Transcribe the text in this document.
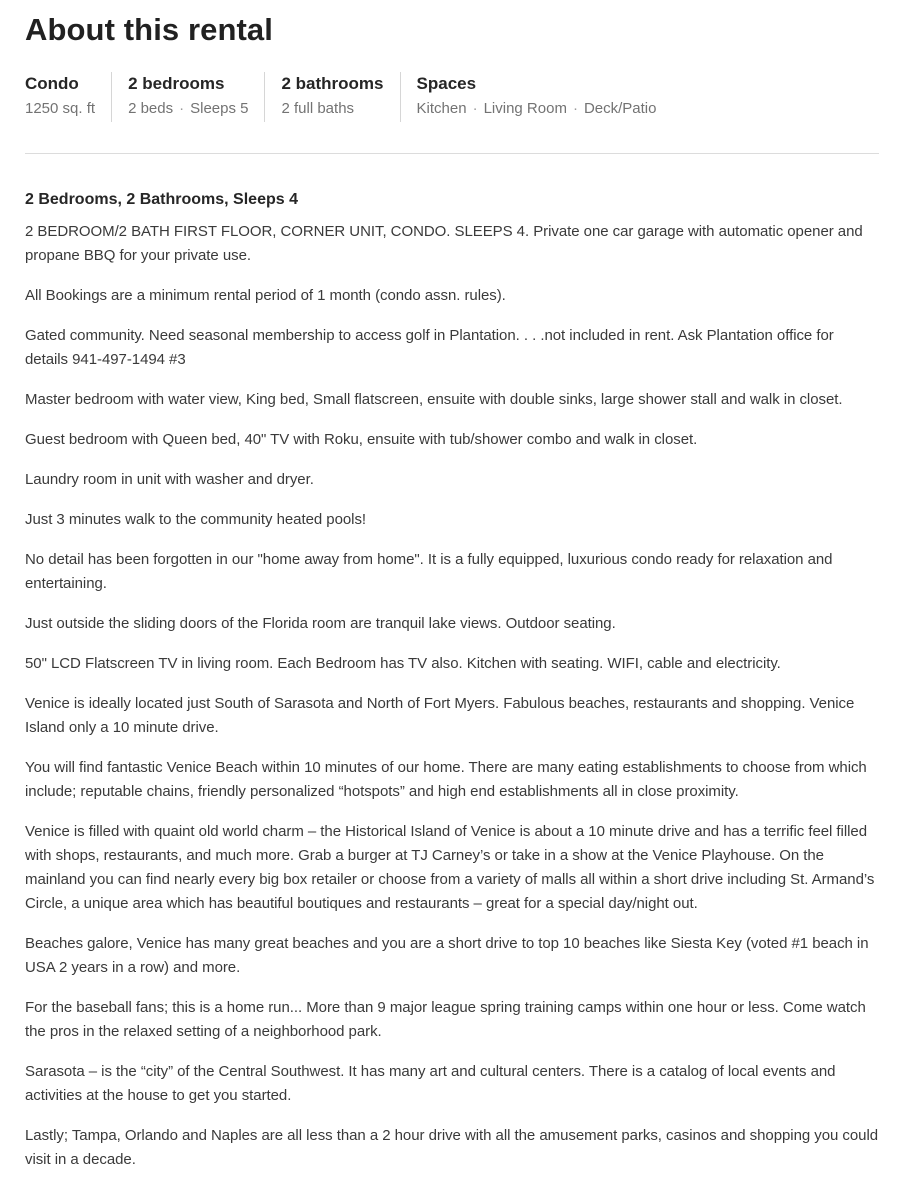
About this rental
Condo
1250 sq. ft
2 bedrooms
2 beds · Sleeps 5
2 bathrooms
2 full baths
Spaces
Kitchen · Living Room · Deck/Patio
2 Bedrooms, 2 Bathrooms, Sleeps 4

2 BEDROOM/2 BATH FIRST FLOOR, CORNER UNIT, CONDO. SLEEPS 4. Private one car garage with automatic opener and propane BBQ for your private use.

All Bookings are a minimum rental period of 1 month (condo assn. rules).

Gated community. Need seasonal membership to access golf in Plantation. . . .not included in rent. Ask Plantation office for details 941-497-1494 #3

Master bedroom with water view, King bed, Small flatscreen, ensuite with double sinks, large shower stall and walk in closet.

Guest bedroom with Queen bed, 40" TV with Roku, ensuite with tub/shower combo and walk in closet.

Laundry room in unit with washer and dryer.

Just 3 minutes walk to the community heated pools!

No detail has been forgotten in our "home away from home". It is a fully equipped, luxurious condo ready for relaxation and entertaining.

Just outside the sliding doors of the Florida room are tranquil lake views. Outdoor seating.

50" LCD Flatscreen TV in living room. Each Bedroom has TV also. Kitchen with seating. WIFI, cable and electricity.

Venice is ideally located just South of Sarasota and North of Fort Myers. Fabulous beaches, restaurants and shopping. Venice Island only a 10 minute drive.

You will find fantastic Venice Beach within 10 minutes of our home. There are many eating establishments to choose from which include; reputable chains, friendly personalized “hotspots” and high end establishments all in close proximity.

Venice is filled with quaint old world charm – the Historical Island of Venice is about a 10 minute drive and has a terrific feel filled with shops, restaurants, and much more. Grab a burger at TJ Carney’s or take in a show at the Venice Playhouse. On the mainland you can find nearly every big box retailer or choose from a variety of malls all within a short drive including St. Armand’s Circle, a unique area which has beautiful boutiques and restaurants – great for a special day/night out.

Beaches galore, Venice has many great beaches and you are a short drive to top 10 beaches like Siesta Key (voted #1 beach in USA 2 years in a row) and more.

For the baseball fans; this is a home run... More than 9 major league spring training camps within one hour or less. Come watch the pros in the relaxed setting of a neighborhood park.

Sarasota – is the “city” of the Central Southwest. It has many art and cultural centers. There is a catalog of local events and activities at the house to get you started.

Lastly; Tampa, Orlando and Naples are all less than a 2 hour drive with all the amusement parks, casinos and shopping you could visit in a decade.
